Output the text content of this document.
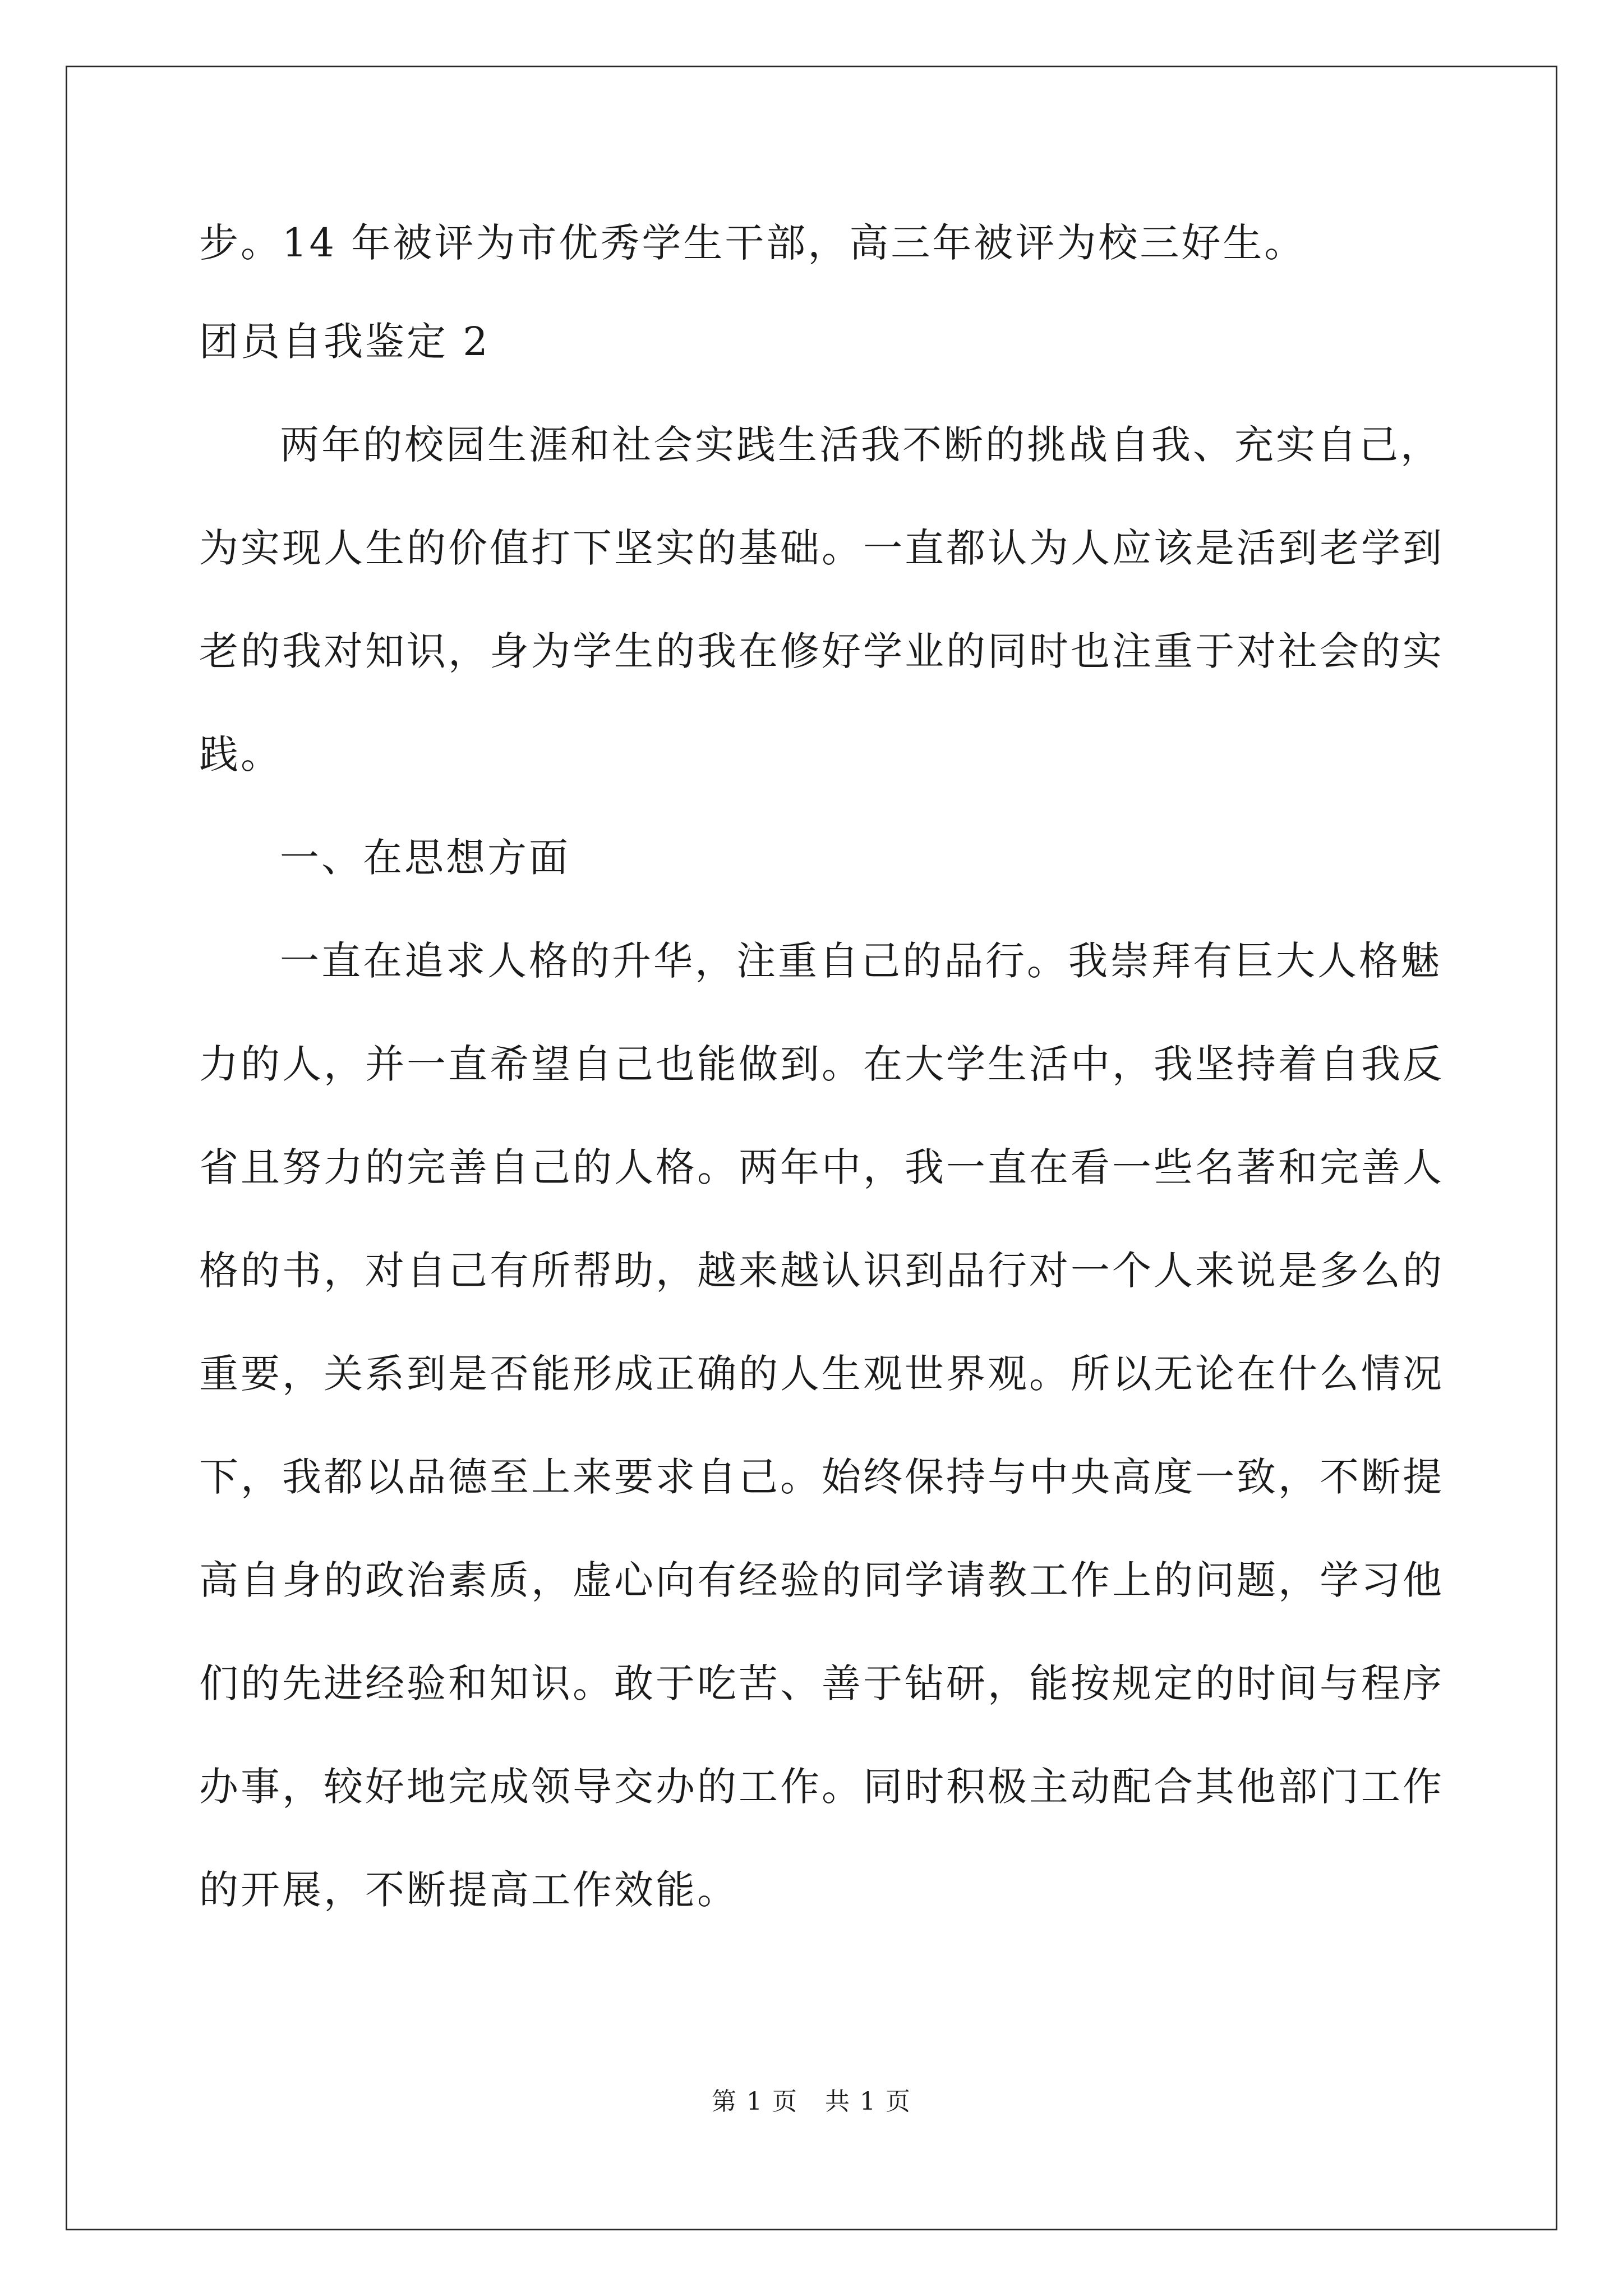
步。14 年被评为市优秀学生干部，高三年被评为校三好生。

团员自我鉴定 2

两年的校园生涯和社会实践生活我不断的挑战自我、充实自己，

为实现人生的价值打下坚实的基础。一直都认为人应该是活到老学到

老的我对知识，身为学生的我在修好学业的同时也注重于对社会的实

践。

一、在思想方面

一直在追求人格的升华，注重自己的品行。我崇拜有巨大人格魅

力的人，并一直希望自己也能做到。在大学生活中，我坚持着自我反

省且努力的完善自己的人格。两年中，我一直在看一些名著和完善人

格的书，对自己有所帮助，越来越认识到品行对一个人来说是多么的

重要，关系到是否能形成正确的人生观世界观。所以无论在什么情况

下，我都以品德至上来要求自己。始终保持与中央高度一致，不断提

高自身的政治素质，虚心向有经验的同学请教工作上的问题，学习他

们的先进经验和知识。敢于吃苦、善于钻研，能按规定的时间与程序

办事，较好地完成领导交办的工作。同时积极主动配合其他部门工作

的开展，不断提高工作效能。

第 1 页   共 1 页
